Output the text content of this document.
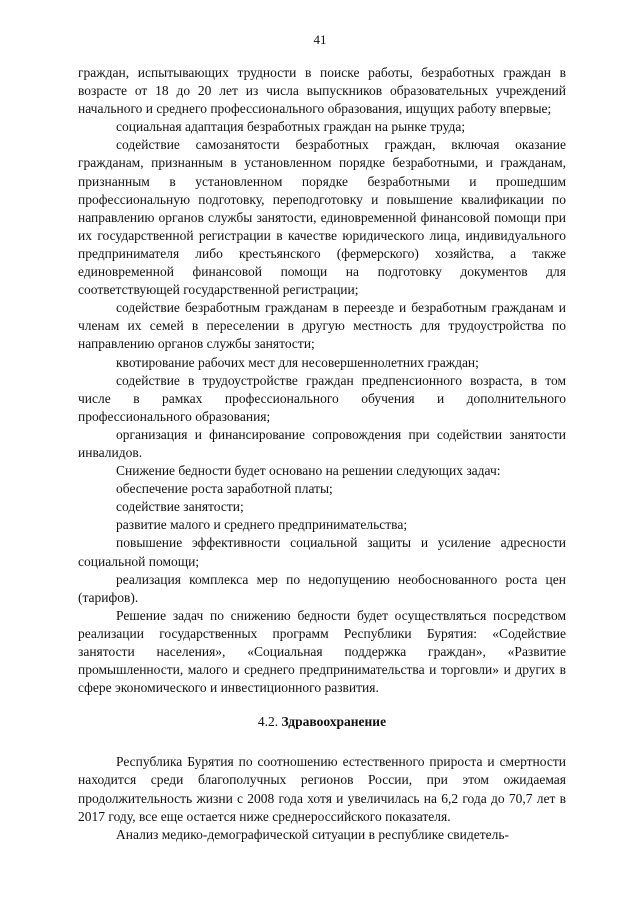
41

граждан, испытывающих трудности в поиске работы, безработных граждан в возрасте от 18 до 20 лет из числа выпускников образовательных учреждений начального и среднего профессионального образования, ищущих работу впервые;

социальная адаптация безработных граждан на рынке труда;

содействие самозанятости безработных граждан, включая оказание гражданам, признанным в установленном порядке безработными, и гражданам, признанным в установленном порядке безработными и прошедшим профессиональную подготовку, переподготовку и повышение квалификации по направлению органов службы занятости, единовременной финансовой помощи при их государственной регистрации в качестве юридического лица, индивидуального предпринимателя либо крестьянского (фермерского) хозяйства, а также единовременной финансовой помощи на подготовку документов для соответствующей государственной регистрации;

содействие безработным гражданам в переезде и безработным гражданам и членам их семей в переселении в другую местность для трудоустройства по направлению органов службы занятости;

квотирование рабочих мест для несовершеннолетних граждан;

содействие в трудоустройстве граждан предпенсионного возраста, в том числе в рамках профессионального обучения и дополнительного профессионального образования;

организация и финансирование сопровождения при содействии занятости инвалидов.

Снижение бедности будет основано на решении следующих задач:

обеспечение роста заработной платы;

содействие занятости;

развитие малого и среднего предпринимательства;

повышение эффективности социальной защиты и усиление адресности социальной помощи;

реализация комплекса мер по недопущению необоснованного роста цен (тарифов).

Решение задач по снижению бедности будет осуществляться посредством реализации государственных программ Республики Бурятия: «Содействие занятости населения», «Социальная поддержка граждан», «Развитие промышленности, малого и среднего предпринимательства и торговли» и других в сфере экономического и инвестиционного развития.

4.2. Здравоохранение

Республика Бурятия по соотношению естественного прироста и смертности находится среди благополучных регионов России, при этом ожидаемая продолжительность жизни с 2008 года хотя и увеличилась на 6,2 года до 70,7 лет в 2017 году, все еще остается ниже среднероссийского показателя.

Анализ медико-демографической ситуации в республике свидетель-
